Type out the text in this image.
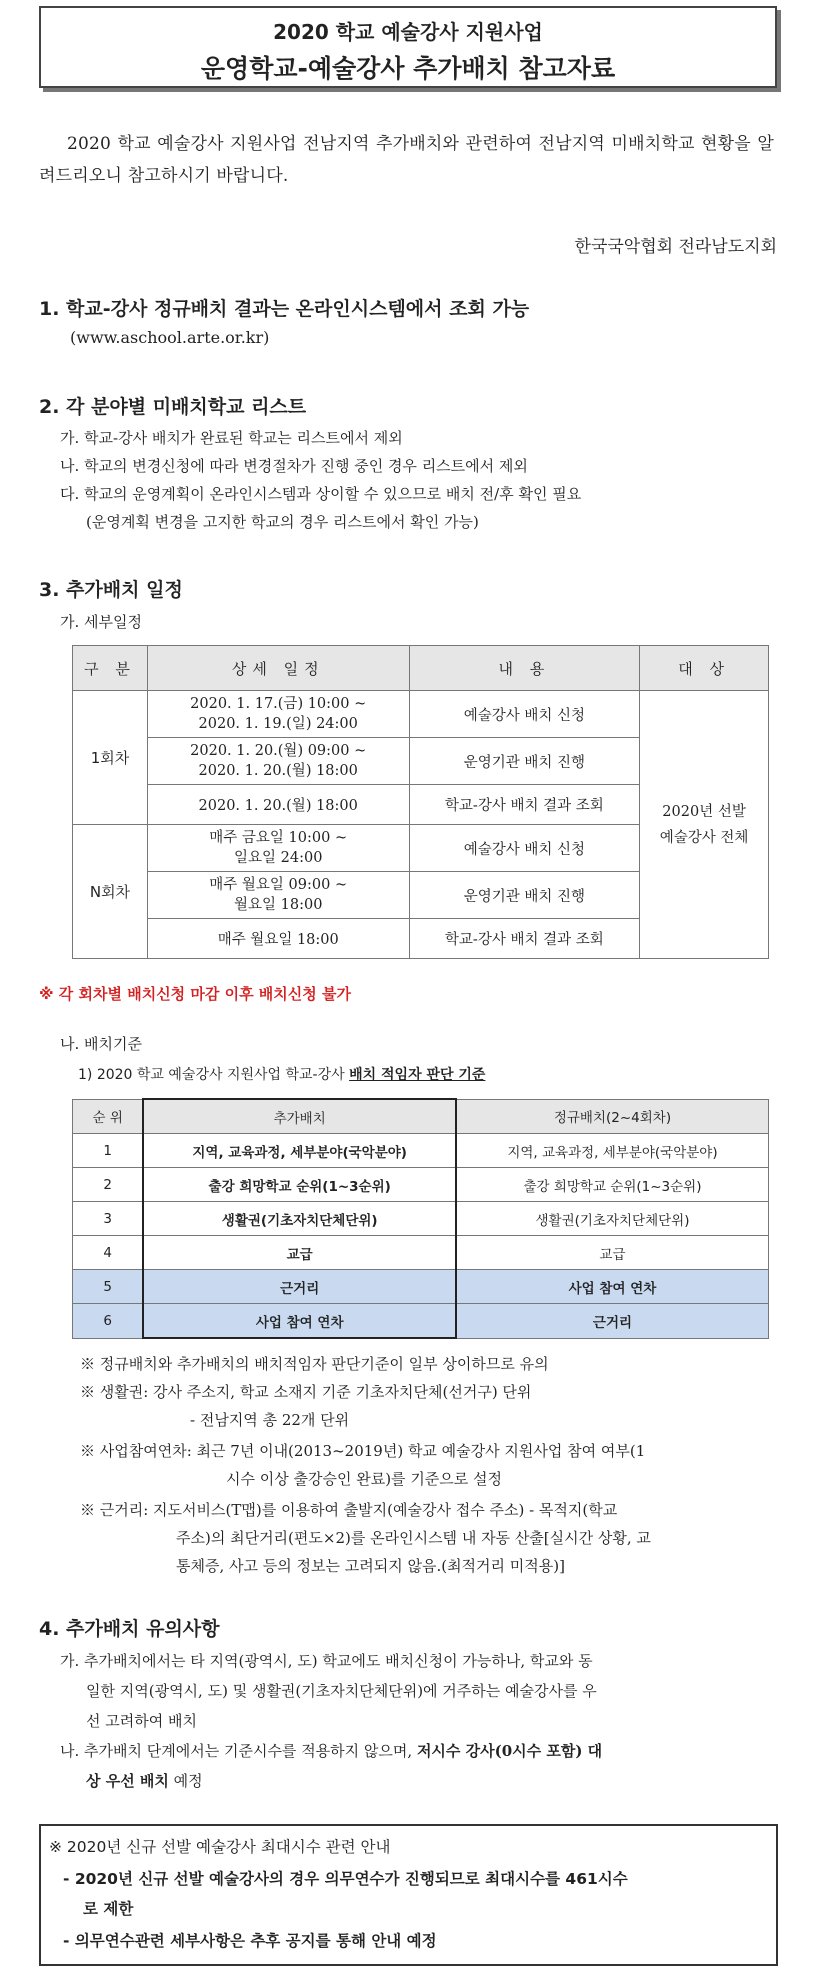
2020 학교 예술강사 지원사업
운영학교-예술강사 추가배치 참고자료

2020 학교 예술강사 지원사업 전남지역 추가배치와 관련하여 전남지역 미배치학교 현황을 알려드리오니 참고하시기 바랍니다.

한국국악협회 전라남도지회
1. 학교-강사 정규배치 결과는 온라인시스템에서 조회 가능
(www.aschool.arte.or.kr)
2. 각 분야별 미배치학교 리스트
가. 학교-강사 배치가 완료된 학교는 리스트에서 제외
나. 학교의 변경신청에 따라 변경절차가 진행 중인 경우 리스트에서 제외
다. 학교의 운영계획이 온라인시스템과 상이할 수 있으므로 배치 전/후 확인 필요
(운영계획 변경을 고지한 학교의 경우 리스트에서 확인 가능)
3. 추가배치 일정
가. 세부일정
구 분	상세 일정	내 용	대 상
1회차	2020. 1. 17.(금) 10:00 ~
2020. 1. 19.(일) 24:00	예술강사 배치 신청	2020년 선발
예술강사 전체

	2020. 1. 20.(월) 09:00 ~
2020. 1. 20.(월) 18:00	운영기관 배치 진행	
	2020. 1. 20.(월) 18:00	학교-강사 배치 결과 조회	
N회차	매주 금요일 10:00 ~
일요일 24:00	예술강사 배치 신청	

	매주 월요일 09:00 ~
월요일 18:00	운영기관 배치 진행	
	매주 월요일 18:00	학교-강사 배치 결과 조회	
※ 각 회차별 배치신청 마감 이후 배치신청 불가
나. 배치기준
1) 2020 학교 예술강사 지원사업 학교-강사 배치 적임자 판단 기준
순 위	추가배치	정규배치(2~4회차)
1	지역, 교육과정, 세부분야(국악분야)	지역, 교육과정, 세부분야(국악분야)
2	출강 희망학교 순위(1~3순위)	출강 희망학교 순위(1~3순위)
3	생활권(기초자치단체단위)	생활권(기초자치단체단위)
4	교급	교급
5	근거리	사업 참여 연차
6	사업 참여 연차	근거리
※ 정규배치와 추가배치의 배치적임자 판단기준이 일부 상이하므로 유의
※ 생활권: 강사 주소지, 학교 소재지 기준 기초자치단체(선거구) 단위
- 전남지역 총 22개 단위
※ 사업참여연차: 최근 7년 이내(2013~2019년) 학교 예술강사 지원사업 참여 여부(1
시수 이상 출강승인 완료)를 기준으로 설정
※ 근거리: 지도서비스(T맵)를 이용하여 출발지(예술강사 접수 주소) - 목적지(학교
주소)의 최단거리(편도×2)를 온라인시스템 내 자동 산출[실시간 상황, 교
통체증, 사고 등의 정보는 고려되지 않음.(최적거리 미적용)]
4. 추가배치 유의사항
가. 추가배치에서는 타 지역(광역시, 도) 학교에도 배치신청이 가능하나, 학교와 동
일한 지역(광역시, 도) 및 생활권(기초자치단체단위)에 거주하는 예술강사를 우
선 고려하여 배치
나. 추가배치 단계에서는 기준시수를 적용하지 않으며, 저시수 강사(0시수 포함) 대
상 우선 배치 예정
※ 2020년 신규 선발 예술강사 최대시수 관련 안내
- 2020년 신규 선발 예술강사의 경우 의무연수가 진행되므로 최대시수를 461시수
로 제한
- 의무연수관련 세부사항은 추후 공지를 통해 안내 예정
